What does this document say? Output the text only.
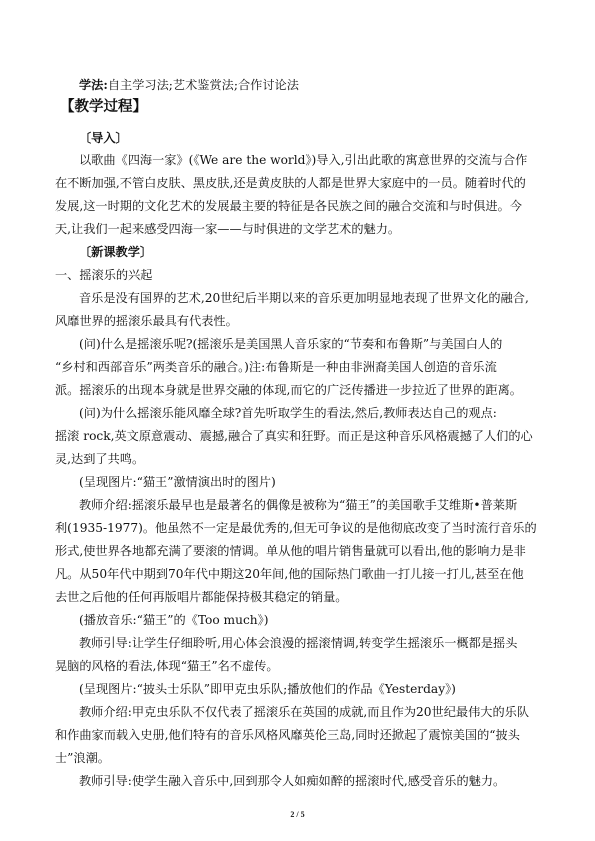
学法:自主学习法;艺术鉴赏法;合作讨论法

【教学过程】

〔导入〕

以歌曲《四海一家》(《We are the world》)导入,引出此歌的寓意世界的交流与合作

在不断加强,不管白皮肤、黑皮肤,还是黄皮肤的人都是世界大家庭中的一员。随着时代的

发展,这一时期的文化艺术的发展最主要的特征是各民族之间的融合交流和与时俱进。今

天,让我们一起来感受四海一家——与时俱进的文学艺术的魅力。

〔新课教学〕

一、摇滚乐的兴起

音乐是没有国界的艺术,20世纪后半期以来的音乐更加明显地表现了世界文化的融合,

风靡世界的摇滚乐最具有代表性。

(问)什么是摇滚乐呢?(摇滚乐是美国黑人音乐家的“节奏和布鲁斯”与美国白人的

“乡村和西部音乐”两类音乐的融合。)注:布鲁斯是一种由非洲裔美国人创造的音乐流

派。摇滚乐的出现本身就是世界交融的体现,而它的广泛传播进一步拉近了世界的距离。

(问)为什么摇滚乐能风靡全球?首先听取学生的看法,然后,教师表达自己的观点:

摇滚 rock,英文原意震动、震撼,融合了真实和狂野。而正是这种音乐风格震撼了人们的心

灵,达到了共鸣。

(呈现图片:“猫王”激情演出时的图片)

教师介绍:摇滚乐最早也是最著名的偶像是被称为“猫王”的美国歌手艾维斯•普莱斯

利(1935-1977)。他虽然不一定是最优秀的,但无可争议的是他彻底改变了当时流行音乐的

形式,使世界各地都充满了要滚的情调。单从他的唱片销售量就可以看出,他的影响力是非

凡。从50年代中期到70年代中期这20年间,他的国际热门歌曲一打儿接一打儿,甚至在他

去世之后他的任何再版唱片都能保持极其稳定的销量。

(播放音乐:“猫王”的《Too much》)

教师引导:让学生仔细聆听,用心体会浪漫的摇滚情调,转变学生摇滚乐一概都是摇头

晃脑的风格的看法,体现“猫王”名不虚传。

(呈现图片:“披头士乐队”即甲克虫乐队;播放他们的作品《Yesterday》)

教师介绍:甲克虫乐队不仅代表了摇滚乐在英国的成就,而且作为20世纪最伟大的乐队

和作曲家而载入史册,他们特有的音乐风格风靡英伦三岛,同时还掀起了震惊美国的“披头

士”浪潮。

教师引导:使学生融入音乐中,回到那令人如痴如醉的摇滚时代,感受音乐的魅力。

2 / 5
